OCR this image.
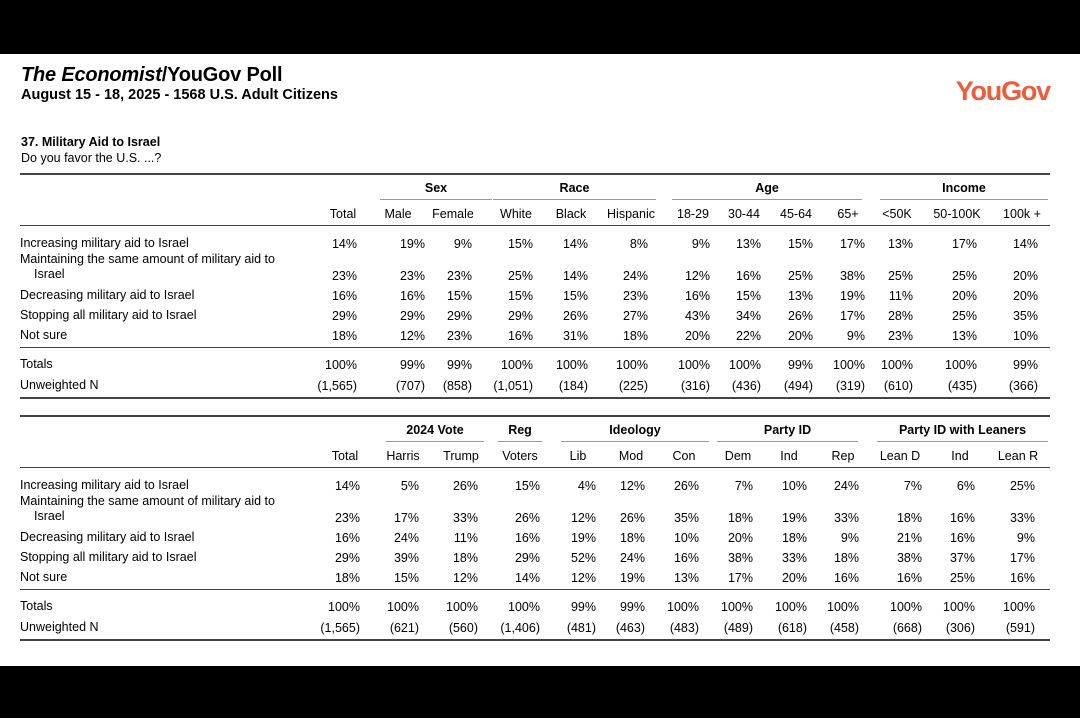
The Economist/YouGov Poll
August 15 - 18, 2025 - 1568 U.S. Adult Citizens	YouGov
37. Military Aid to Israel
Do you favor the U.S. ...?
Sex	Race	Age	Income
Total	Male	Female	White	Black	Hispanic	18-29	30-44	45-64	65+	<50K	50-100K	100k +
Increasing military aid to Israel	14%	19%	9%	15%	14%	8%	9%	13%	15%	17%	13%	17%	14%
Maintaining the same amount of military aid to
Israel	23%	23%	23%	25%	14%	24%	12%	16%	25%	38%	25%	25%	20%
Decreasing military aid to Israel	16%	16%	15%	15%	15%	23%	16%	15%	13%	19%	11%	20%	20%
Stopping all military aid to Israel	29%	29%	29%	29%	26%	27%	43%	34%	26%	17%	28%	25%	35%
Not sure	18%	12%	23%	16%	31%	18%	20%	22%	20%	9%	23%	13%	10%
Totals	100%	99%	99%	100%	100%	100%	100%	100%	99%	100%	100%	100%	99%
Unweighted N	(1,565)	(707)	(858)	(1,051)	(184)	(225)	(316)	(436)	(494)	(319)	(610)	(435)	(366)
2024 Vote	Reg	Ideology	Party ID	Party ID with Leaners
Total	Harris	Trump	Voters	Lib	Mod	Con	Dem	Ind	Rep	Lean D	Ind	Lean R
Increasing military aid to Israel	14%	5%	26%	15%	4%	12%	26%	7%	10%	24%	7%	6%	25%
Maintaining the same amount of military aid to
Israel	23%	17%	33%	26%	12%	26%	35%	18%	19%	33%	18%	16%	33%
Decreasing military aid to Israel	16%	24%	11%	16%	19%	18%	10%	20%	18%	9%	21%	16%	9%
Stopping all military aid to Israel	29%	39%	18%	29%	52%	24%	16%	38%	33%	18%	38%	37%	17%
Not sure	18%	15%	12%	14%	12%	19%	13%	17%	20%	16%	16%	25%	16%
Totals	100%	100%	100%	100%	99%	99%	100%	100%	100%	100%	100%	100%	100%
Unweighted N	(1,565)	(621)	(560)	(1,406)	(481)	(463)	(483)	(489)	(618)	(458)	(668)	(306)	(591)
